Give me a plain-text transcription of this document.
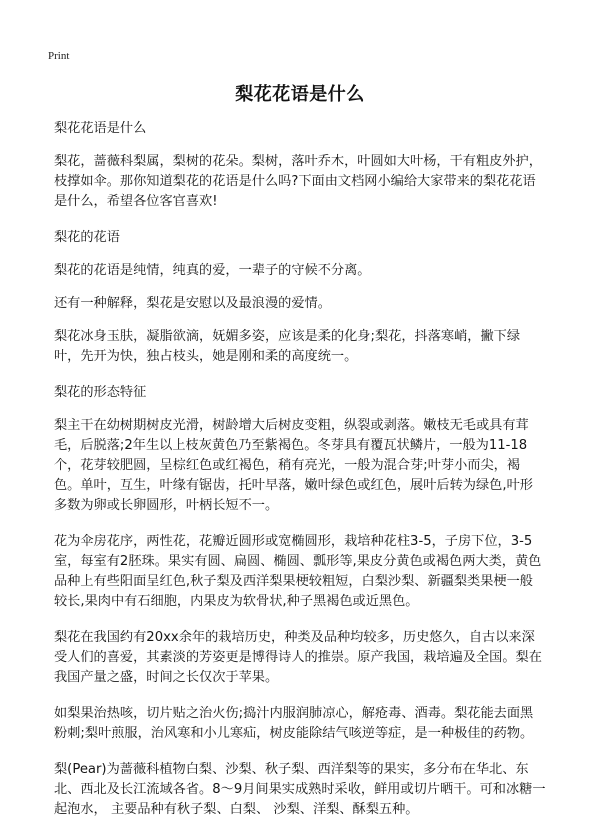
Print
梨花花语是什么

梨花花语是什么

梨花，蔷薇科梨属，梨树的花朵。梨树，落叶乔木，叶圆如大叶杨，干有粗皮外护，枝撑如伞。那你知道梨花的花语是什么吗?下面由文档网小编给大家带来的梨花花语是什么，希望各位客官喜欢!

梨花的花语

梨花的花语是纯情，纯真的爱，一辈子的守候不分离。

还有一种解释，梨花是安慰以及最浪漫的爱情。

梨花冰身玉肤，凝脂欲滴，妩媚多姿，应该是柔的化身;梨花，抖落寒峭，撇下绿叶，先开为快，独占枝头，她是刚和柔的高度统一。

梨花的形态特征

梨主干在幼树期树皮光滑，树龄增大后树皮变粗，纵裂或剥落。嫩枝无毛或具有茸毛，后脱落;2年生以上枝灰黄色乃至紫褐色。冬芽具有覆瓦状鳞片，一般为11-18个，花芽较肥圆，呈棕红色或红褐色，稍有亮光，一般为混合芽;叶芽小而尖，褐色。单叶，互生，叶缘有锯齿，托叶早落，嫩叶绿色或红色，展叶后转为绿色,叶形多数为卵或长卵圆形，叶柄长短不一。

花为伞房花序，两性花，花瓣近圆形或宽椭圆形，栽培种花柱3-5，子房下位，3-5室，每室有2胚珠。果实有圆、扁圆、椭圆、瓢形等,果皮分黄色或褐色两大类，黄色品种上有些阳面呈红色,秋子梨及西洋梨果梗较粗短，白梨沙梨、新疆梨类果梗一般较长,果肉中有石细胞，内果皮为软骨状,种子黑褐色或近黑色。

梨花在我国约有20xx余年的栽培历史，种类及品种均较多，历史悠久，自古以来深受人们的喜爱，其素淡的芳姿更是博得诗人的推崇。原产我国，栽培遍及全国。梨在我国产量之盛，时间之长仅次于苹果。

如梨果治热咳，切片贴之治火伤;捣汁内服润肺凉心，解疮毒、酒毒。梨花能去面黑粉刺;梨叶煎服，治风寒和小儿寒疝，树皮能除结气咳逆等症，是一种极佳的药物。

梨(Pear)为蔷薇科植物白梨、沙梨、秋子梨、西洋梨等的果实，多分布在华北、东北、西北及长江流域各省。8～9月间果实成熟时采收，鲜用或切片晒干。可和冰糖一起泡水， 主要品种有秋子梨、白梨、 沙梨、洋梨、酥梨五种。
